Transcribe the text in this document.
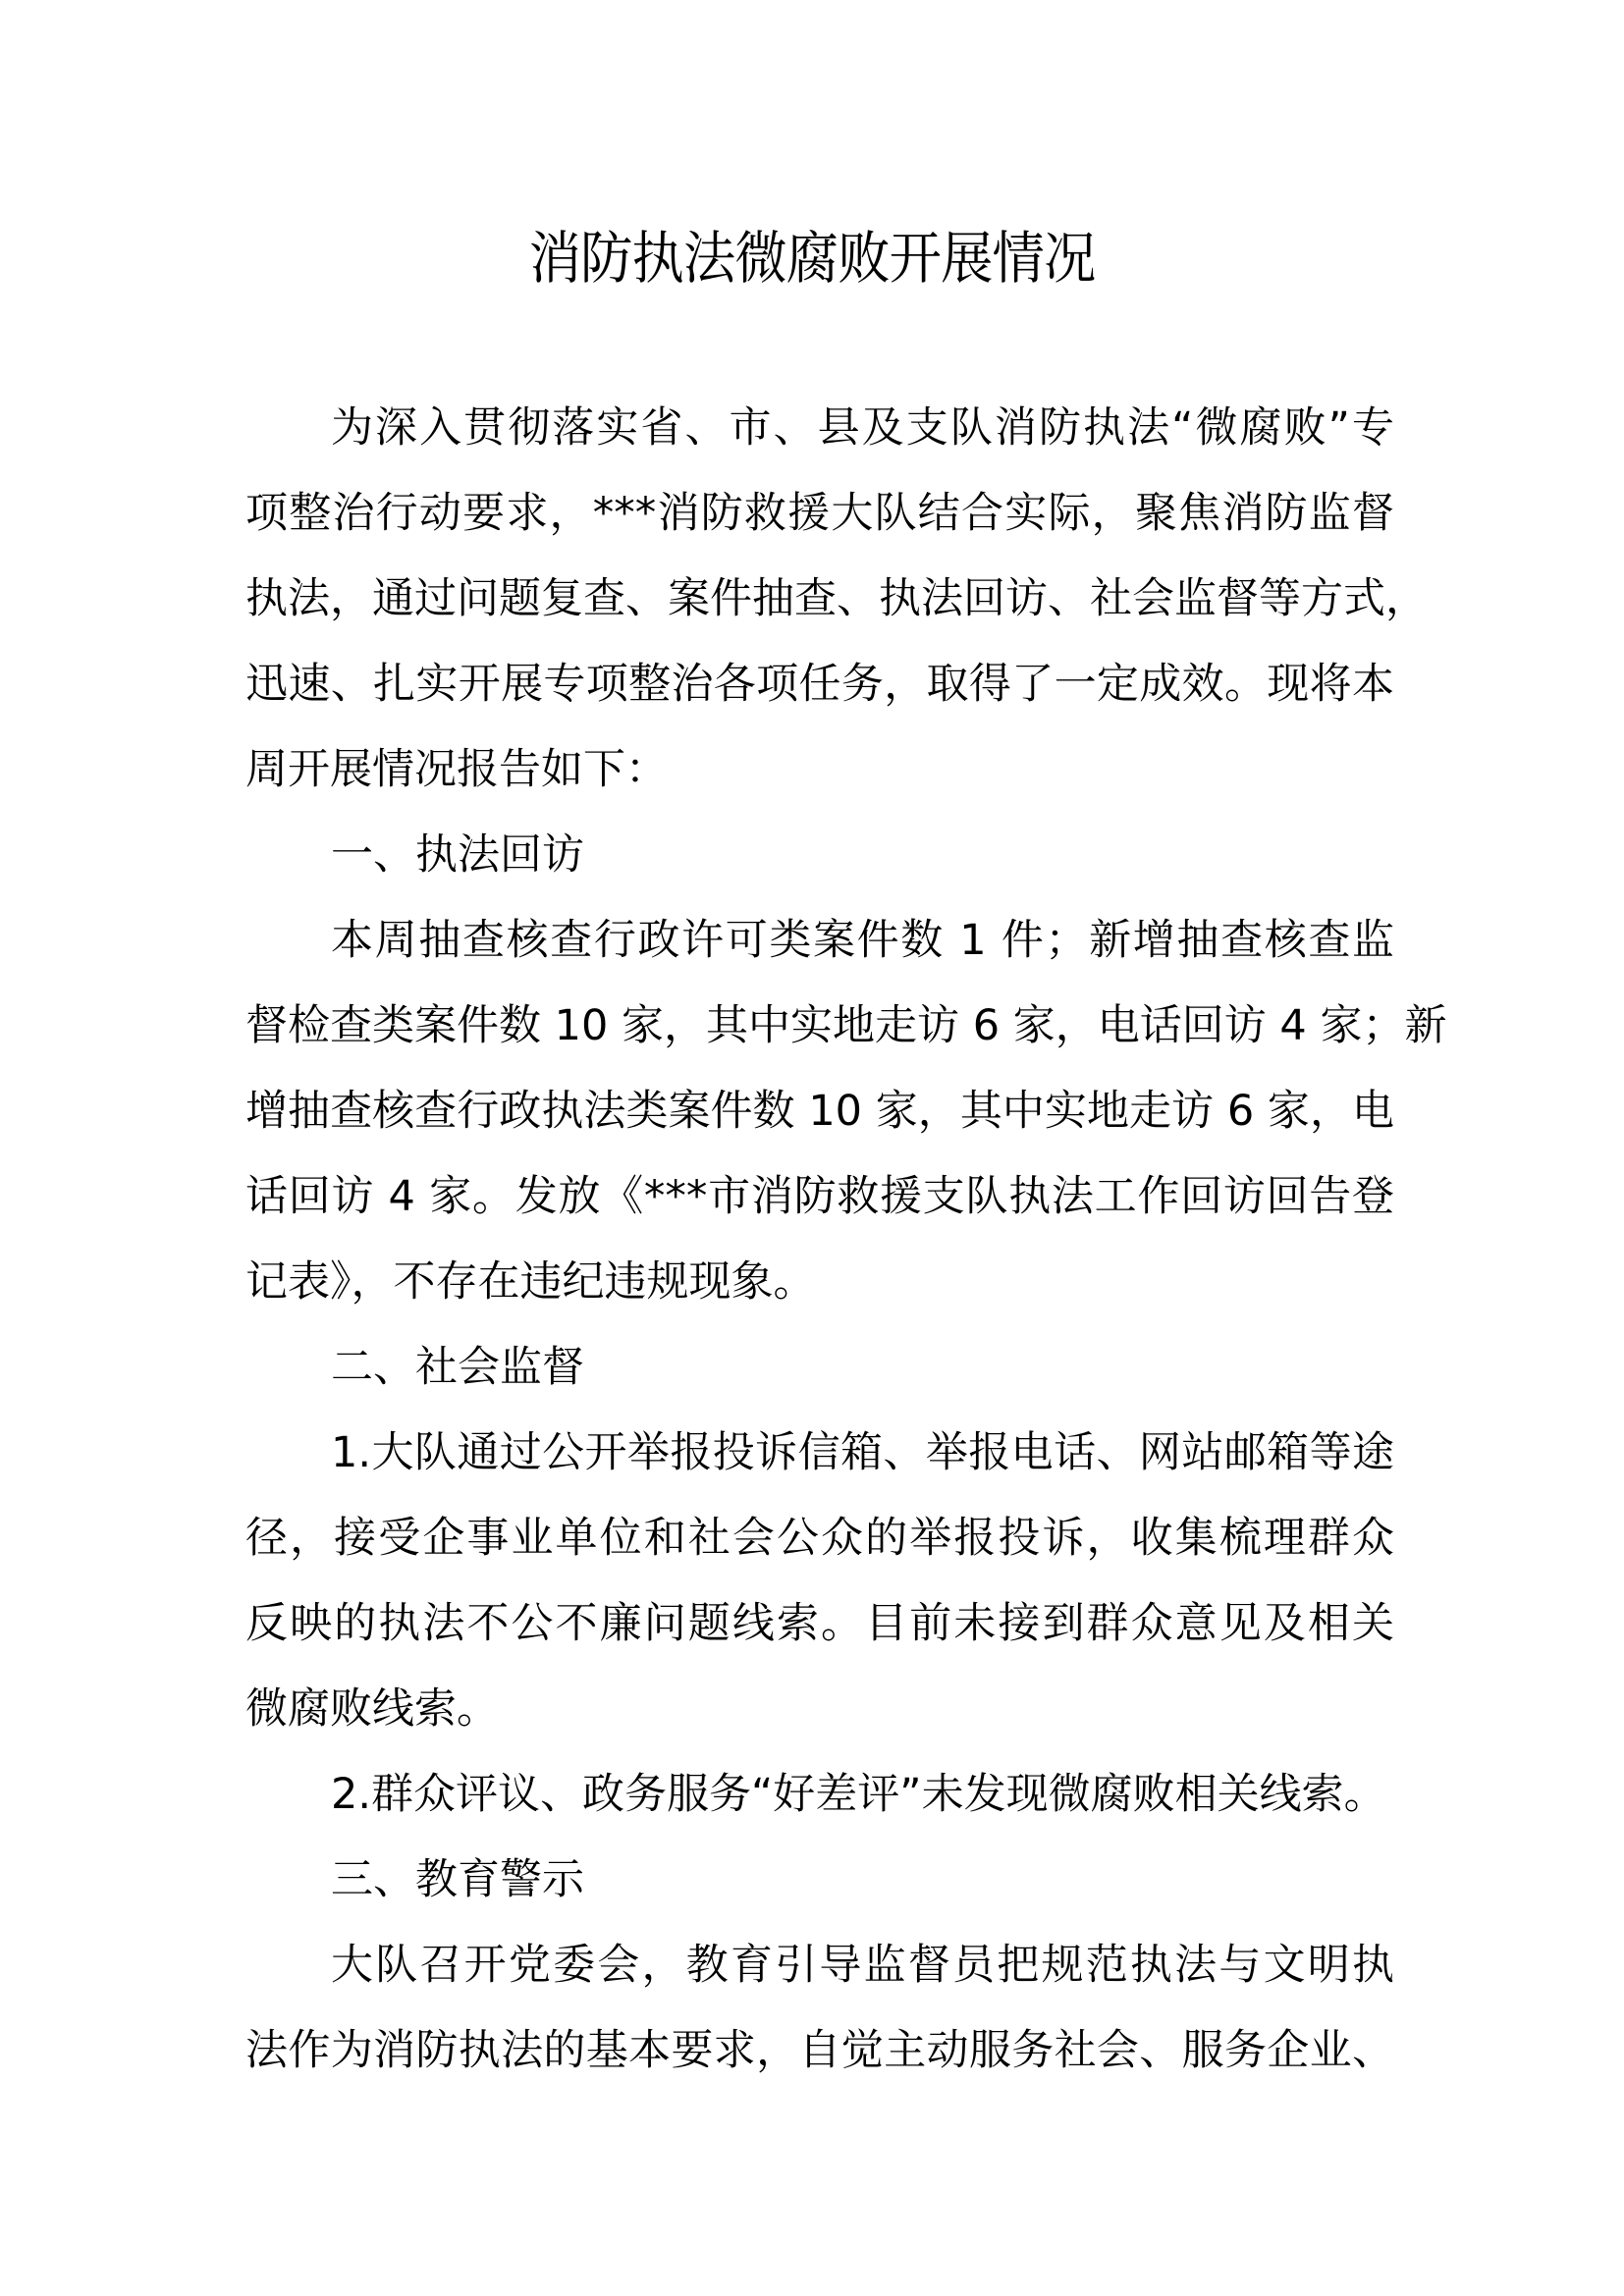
消防执法微腐败开展情况
为深入贯彻落实省、市、县及支队消防执法“微腐败”专
项整治行动要求，***消防救援大队结合实际，聚焦消防监督
执法，通过问题复查、案件抽查、执法回访、社会监督等方式，
迅速、扎实开展专项整治各项任务，取得了一定成效。现将本
周开展情况报告如下：
一、执法回访
本周抽查核查行政许可类案件数 1 件；新增抽查核查监
督检查类案件数 10 家，其中实地走访 6 家，电话回访 4 家；新
增抽查核查行政执法类案件数 10 家，其中实地走访 6 家，电
话回访 4 家。发放《***市消防救援支队执法工作回访回告登
记表》，不存在违纪违规现象。
二、社会监督
1.大队通过公开举报投诉信箱、举报电话、网站邮箱等途
径，接受企事业单位和社会公众的举报投诉，收集梳理群众
反映的执法不公不廉问题线索。目前未接到群众意见及相关
微腐败线索。
2.群众评议、政务服务“好差评”未发现微腐败相关线索。
三、教育警示
大队召开党委会，教育引导监督员把规范执法与文明执
法作为消防执法的基本要求，自觉主动服务社会、服务企业、
